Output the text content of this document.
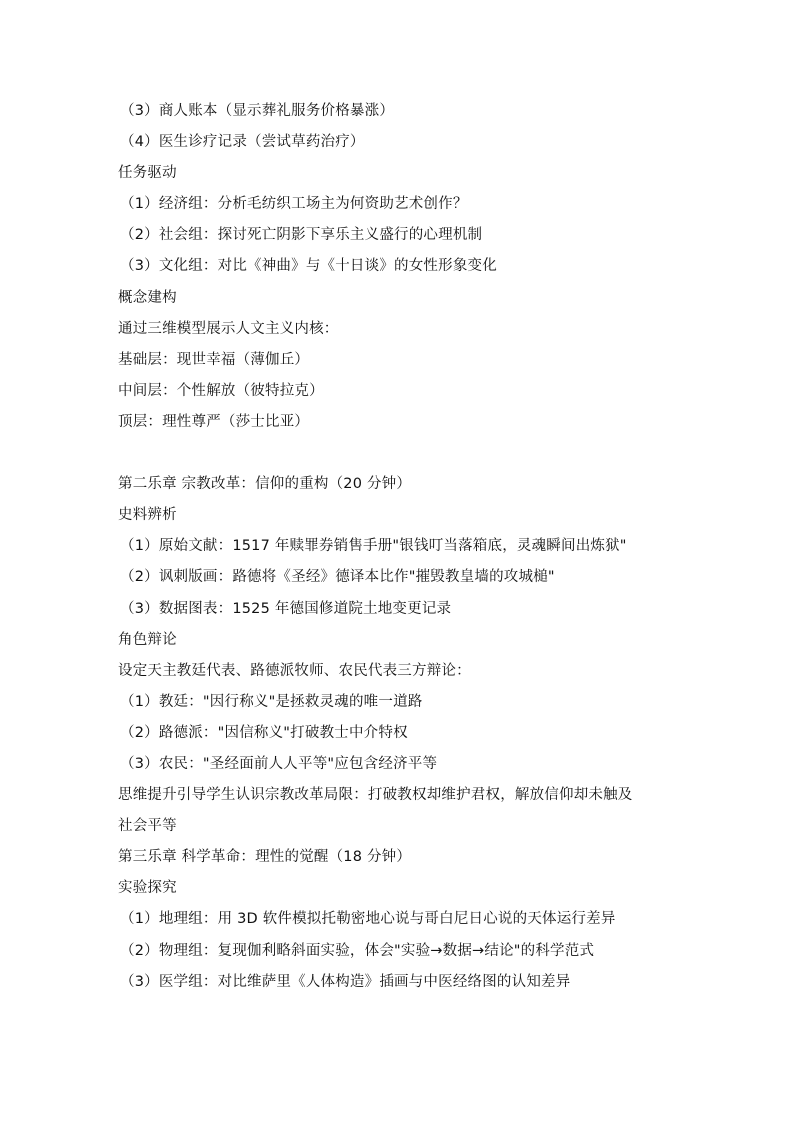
（3）商人账本（显示葬礼服务价格暴涨）
（4）医生诊疗记录（尝试草药治疗）
任务驱动
（1）经济组：分析毛纺织工场主为何资助艺术创作？
（2）社会组：探讨死亡阴影下享乐主义盛行的心理机制
（3）文化组：对比《神曲》与《十日谈》的女性形象变化
概念建构
通过三维模型展示人文主义内核：
基础层：现世幸福（薄伽丘）
中间层：个性解放（彼特拉克）
顶层：理性尊严（莎士比亚）
第二乐章 宗教改革：信仰的重构（20 分钟）
史料辨析
（1）原始文献：1517 年赎罪券销售手册"银钱叮当落箱底，灵魂瞬间出炼狱"
（2）讽刺版画：路德将《圣经》德译本比作"摧毁教皇墙的攻城槌"
（3）数据图表：1525 年德国修道院土地变更记录
角色辩论
设定天主教廷代表、路德派牧师、农民代表三方辩论：
（1）教廷："因行称义"是拯救灵魂的唯一道路
（2）路德派："因信称义"打破教士中介特权
（3）农民："圣经面前人人平等"应包含经济平等
思维提升引导学生认识宗教改革局限：打破教权却维护君权，解放信仰却未触及
社会平等
第三乐章 科学革命：理性的觉醒（18 分钟）
实验探究
（1）地理组：用 3D 软件模拟托勒密地心说与哥白尼日心说的天体运行差异
（2）物理组：复现伽利略斜面实验，体会"实验→数据→结论"的科学范式
（3）医学组：对比维萨里《人体构造》插画与中医经络图的认知差异
